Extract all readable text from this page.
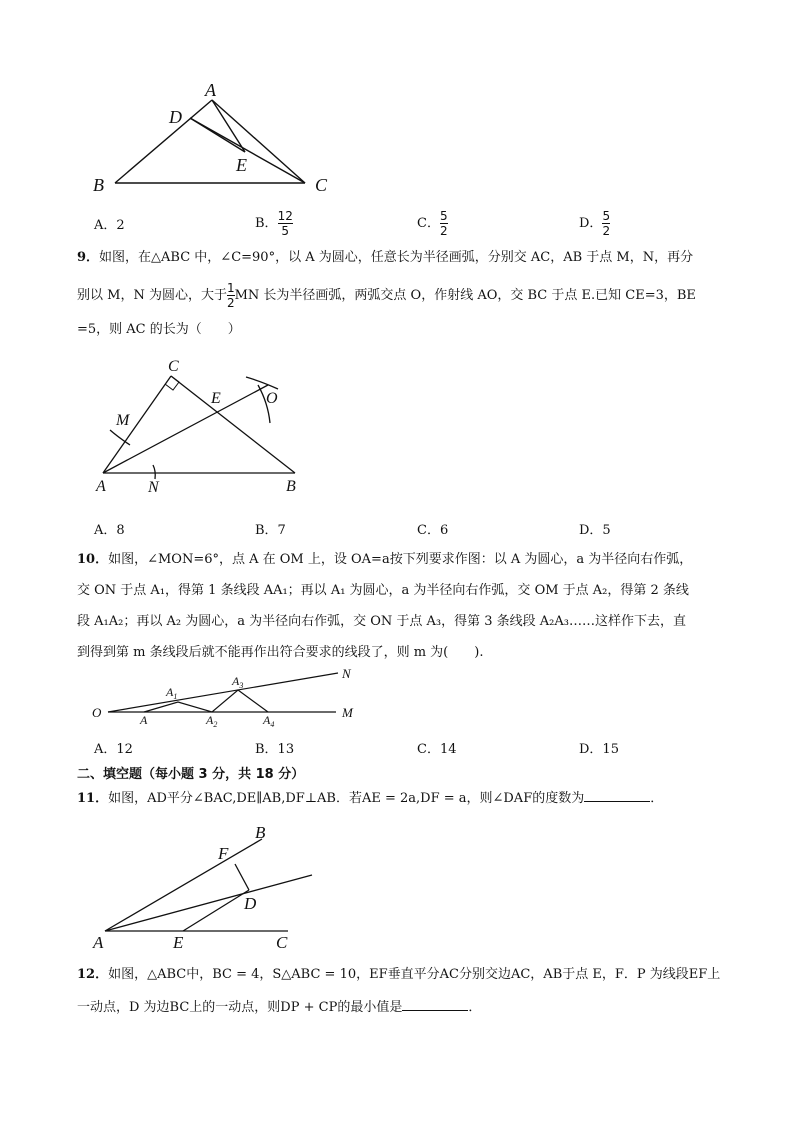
A
D
E
B	C
A．2	B． $\frac{12}{5}$	C． $\frac{5}{2}$	D． $\frac{5}{2}$
9．如图，在△ABC 中，∠C=90°，以 A 为圆心，任意长为半径画弧，分别交 AC，AB 于点 M，N，再分
别以 M，N 为圆心，大于 $\frac{1}{2}$ MN 长为半径画弧，两弧交点 O，作射线 AO，交 BC 于点 E.已知 CE=3，BE
=5，则 AC 的长为（　　）
C
E	O
M
A	N	B
A．8	B．7	C．6	D．5
10．如图，∠MON=6°，点 A 在 OM 上，设 OA=a按下列要求作图：以 A 为圆心，a 为半径向右作弧，
交 ON 于点 A₁，得第 1 条线段 AA₁；再以 A₁ 为圆心，a 为半径向右作弧，交 OM 于点 A₂，得第 2 条线
段 A₁A₂；再以 A₂ 为圆心，a 为半径向右作弧，交 ON 于点 A₃，得第 3 条线段 A₂A₃……这样作下去，直
到得到第 m 条线段后就不能再作出符合要求的线段了，则 m 为(　　).
O	A
$A_1$
$A_2$
$A_3$
$A_4$
M
N
A．12	B．13	C．14	D．15
二、填空题（每小题 3 分，共 18 分）
11．如图，AD平分∠BAC,DE∥AB,DF⊥AB．若AE = 2a,DF = a，则∠DAF的度数为	．
B
F
D
A	E	C
12．如图，△ABC中，BC = 4，S△ABC = 10，EF垂直平分AC分别交边AC，AB于点 E，F．P 为线段EF上
一动点，D 为边BC上的一动点，则DP + CP的最小值是	．
